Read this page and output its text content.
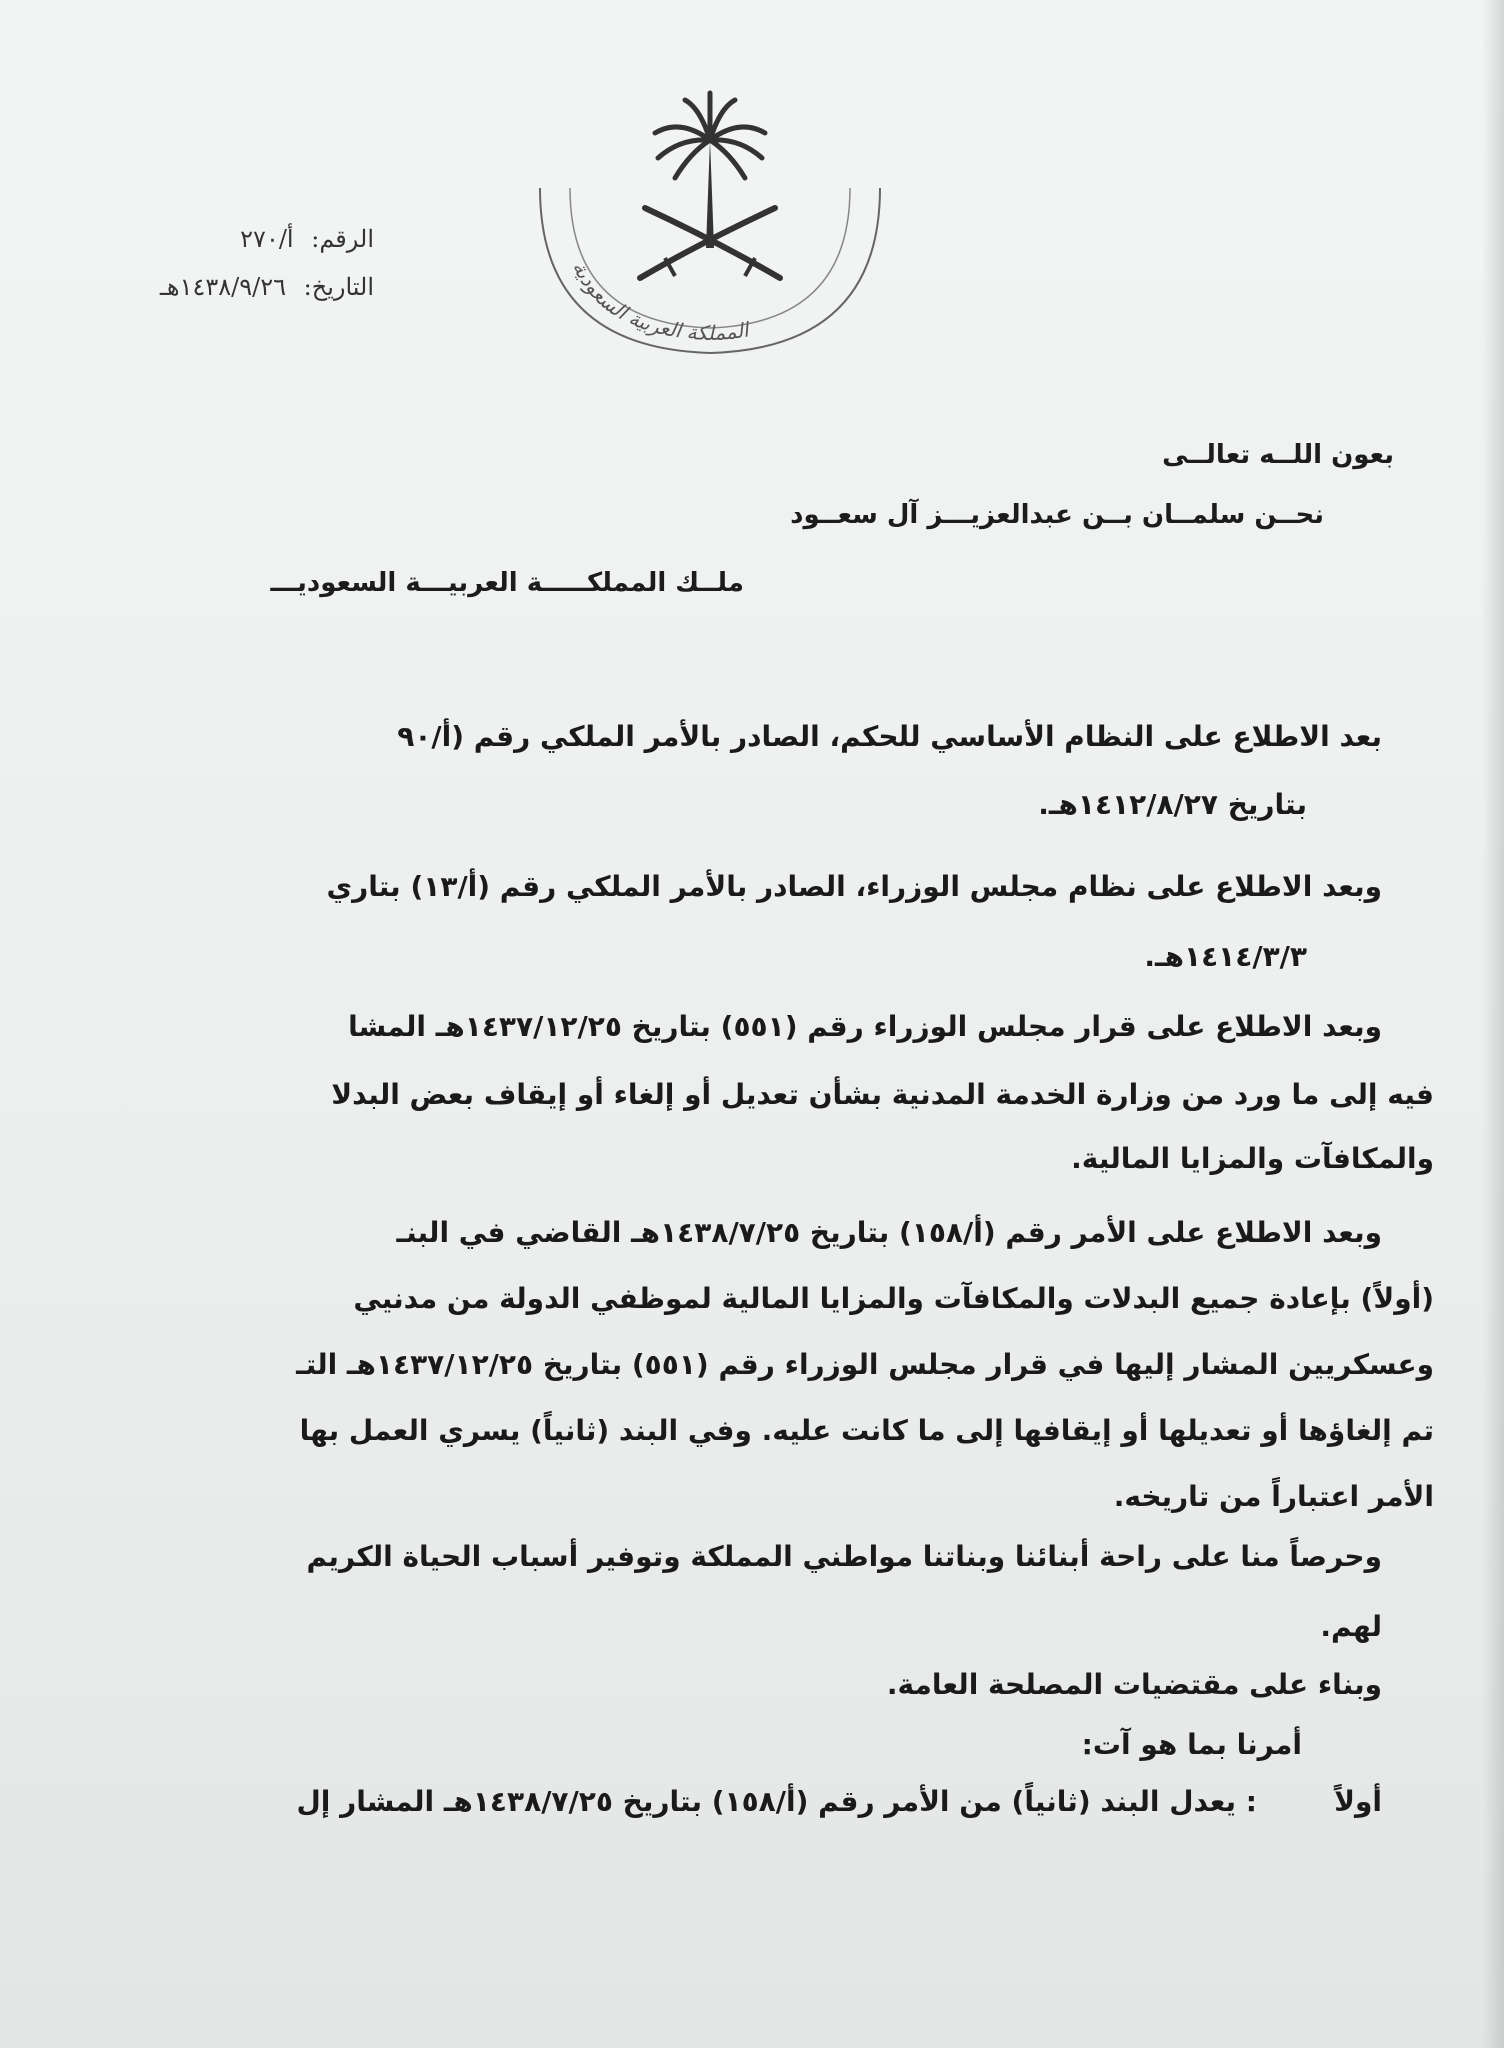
المملكة العربية السعودية
الرقم: أ/٢٧٠
التاريخ: ١٤٣٨/٩/٢٦هـ
بعون اللــه تعالــى
نحــن سلمــان بــن عبدالعزيـــز آل سعــود
ملــك المملكـــــة العربيـــة السعوديـــ
بعد الاطلاع على النظام الأساسي للحكم، الصادر بالأمر الملكي رقم (أ/٩٠
بتاريخ ١٤١٢/٨/٢٧هـ.
وبعد الاطلاع على نظام مجلس الوزراء، الصادر بالأمر الملكي رقم (أ/١٣) بتاري
١٤١٤/٣/٣هـ.
وبعد الاطلاع على قرار مجلس الوزراء رقم (٥٥١) بتاريخ ١٤٣٧/١٢/٢٥هـ المشا
فيه إلى ما ورد من وزارة الخدمة المدنية بشأن تعديل أو إلغاء أو إيقاف بعض البدلا
والمكافآت والمزايا المالية.
وبعد الاطلاع على الأمر رقم (أ/١٥٨) بتاريخ ١٤٣٨/٧/٢٥هـ القاضي في البنـ
(أولاً) بإعادة جميع البدلات والمكافآت والمزايا المالية لموظفي الدولة من مدنيي
وعسكريين المشار إليها في قرار مجلس الوزراء رقم (٥٥١) بتاريخ ١٤٣٧/١٢/٢٥هـ التـ
تم إلغاؤها أو تعديلها أو إيقافها إلى ما كانت عليه. وفي البند (ثانياً) يسري العمل بها
الأمر اعتباراً من تاريخه.
وحرصاً منا على راحة أبنائنا وبناتنا مواطني المملكة وتوفير أسباب الحياة الكريم
لهم.
وبناء على مقتضيات المصلحة العامة.
أمرنا بما هو آت:
: يعدل البند (ثانياً) من الأمر رقم (أ/١٥٨) بتاريخ ١٤٣٨/٧/٢٥هـ المشار إل	أولاً
